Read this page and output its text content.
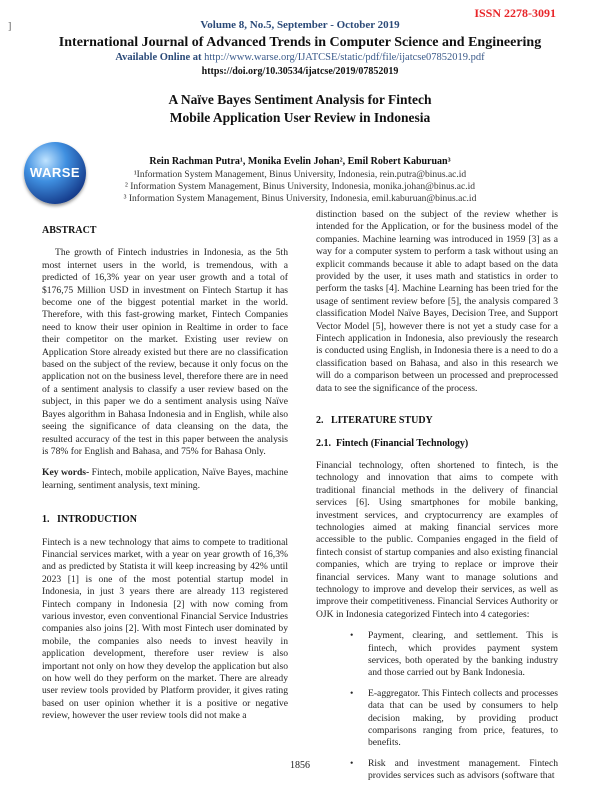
]
ISSN 2278-3091
Volume 8, No.5, September - October 2019
International Journal of Advanced Trends in Computer Science and Engineering
Available Online at http://www.warse.org/IJATCSE/static/pdf/file/ijatcse07852019.pdf
https://doi.org/10.30534/ijatcse/2019/07852019
A Naïve Bayes Sentiment Analysis for Fintech Mobile Application User Review in Indonesia
WARSE
Rein Rachman Putra¹, Monika Evelin Johan², Emil Robert Kaburuan³
¹Information System Management, Binus University, Indonesia, rein.putra@binus.ac.id
² Information System Management, Binus University, Indonesia, monika.johan@binus.ac.id
³ Information System Management, Binus University, Indonesia, emil.kaburuan@binus.ac.id
ABSTRACT

The growth of Fintech industries in Indonesia, as the 5th most internet users in the world, is tremendous, with a predicted of 16,3% year on year user growth and a total of $176,75 Million USD in investment on Fintech Startup it has become one of the biggest potential market in the world. Therefore, with this fast-growing market, Fintech Companies need to know their user opinion in Realtime in order to face their competitor on the market. Existing user review on Application Store already existed but there are no classification based on the subject of the review, because it only focus on the application not on the business level, therefore there are in need of a sentiment analysis to classify a user review based on the subject, in this paper we do a sentiment analysis using Naïve Bayes algorithm in Bahasa Indonesia and in English, while also seeing the significance of data cleansing on the data, the resulted accuracy of the test in this paper between the analysis is 78% for English and Bahasa, and 75% for Bahasa Only.

Key words- Fintech, mobile application, Naïve Bayes, machine learning, sentiment analysis, text mining.

1.   INTRODUCTION

Fintech is a new technology that aims to compete to traditional Financial services market, with a year on year growth of 16,3% and as predicted by Statista it will keep increasing by 42% until 2023 [1] is one of the most potential startup model in Indonesia, in just 3 years there are already 113 registered Fintech company in Indonesia [2] with now coming from various investor, even conventional Financial Service Industries companies also joins [2]. With most Fintech user dominated by mobile, the companies also needs to invest heavily in application development, therefore user review is also important not only on how they develop the application but also on how well do they perform on the market. There are already user review tools provided by Platform provider, it gives rating based on user opinion whether it is a positive or negative review, however the user review tools did not make a

distinction based on the subject of the review whether is intended for the Application, or for the business model of the companies. Machine learning was introduced in 1959 [3] as a way for a computer system to perform a task without using an explicit commands because it able to adapt based on the data provided by the user, it uses math and statistics in order to perform the tasks [4]. Machine Learning has been tried for the usage of sentiment review before [5], the analysis compared 3 classification Model Naïve Bayes, Decision Tree, and Support Vector Model [5], however there is not yet a study case for a Fintech application in Indonesia, also previously the research is conducted using English, in Indonesia there is a need to do a classification based on Bahasa, and also in this research we will do a comparison between un processed and preprocessed data to see the significance of the process.

2.   LITERATURE STUDY
2.1.  Fintech (Financial Technology)

Financial technology, often shortened to fintech, is the technology and innovation that aims to compete with traditional financial methods in the delivery of financial services [6]. Using smartphones for mobile banking, investment services, and cryptocurrency are examples of technologies aimed at making financial services more accessible to the public. Companies engaged in the field of fintech consist of startup companies and also existing financial companies, which are trying to replace or improve their financial services. Many want to manage solutions and technology to improve and develop their services, as well as improve their competitiveness. Financial Services Authority or OJK in Indonesia categorized Fintech into 4 categories:

• Payment, clearing, and settlement. This is fintech, which provides payment system services, both operated by the banking industry and those carried out by Bank Indonesia.
• E-aggregator. This Fintech collects and processes data that can be used by consumers to help decision making, by providing product comparisons ranging from price, features, to benefits.
• Risk and investment management. Fintech provides services such as advisors (software that
1856
